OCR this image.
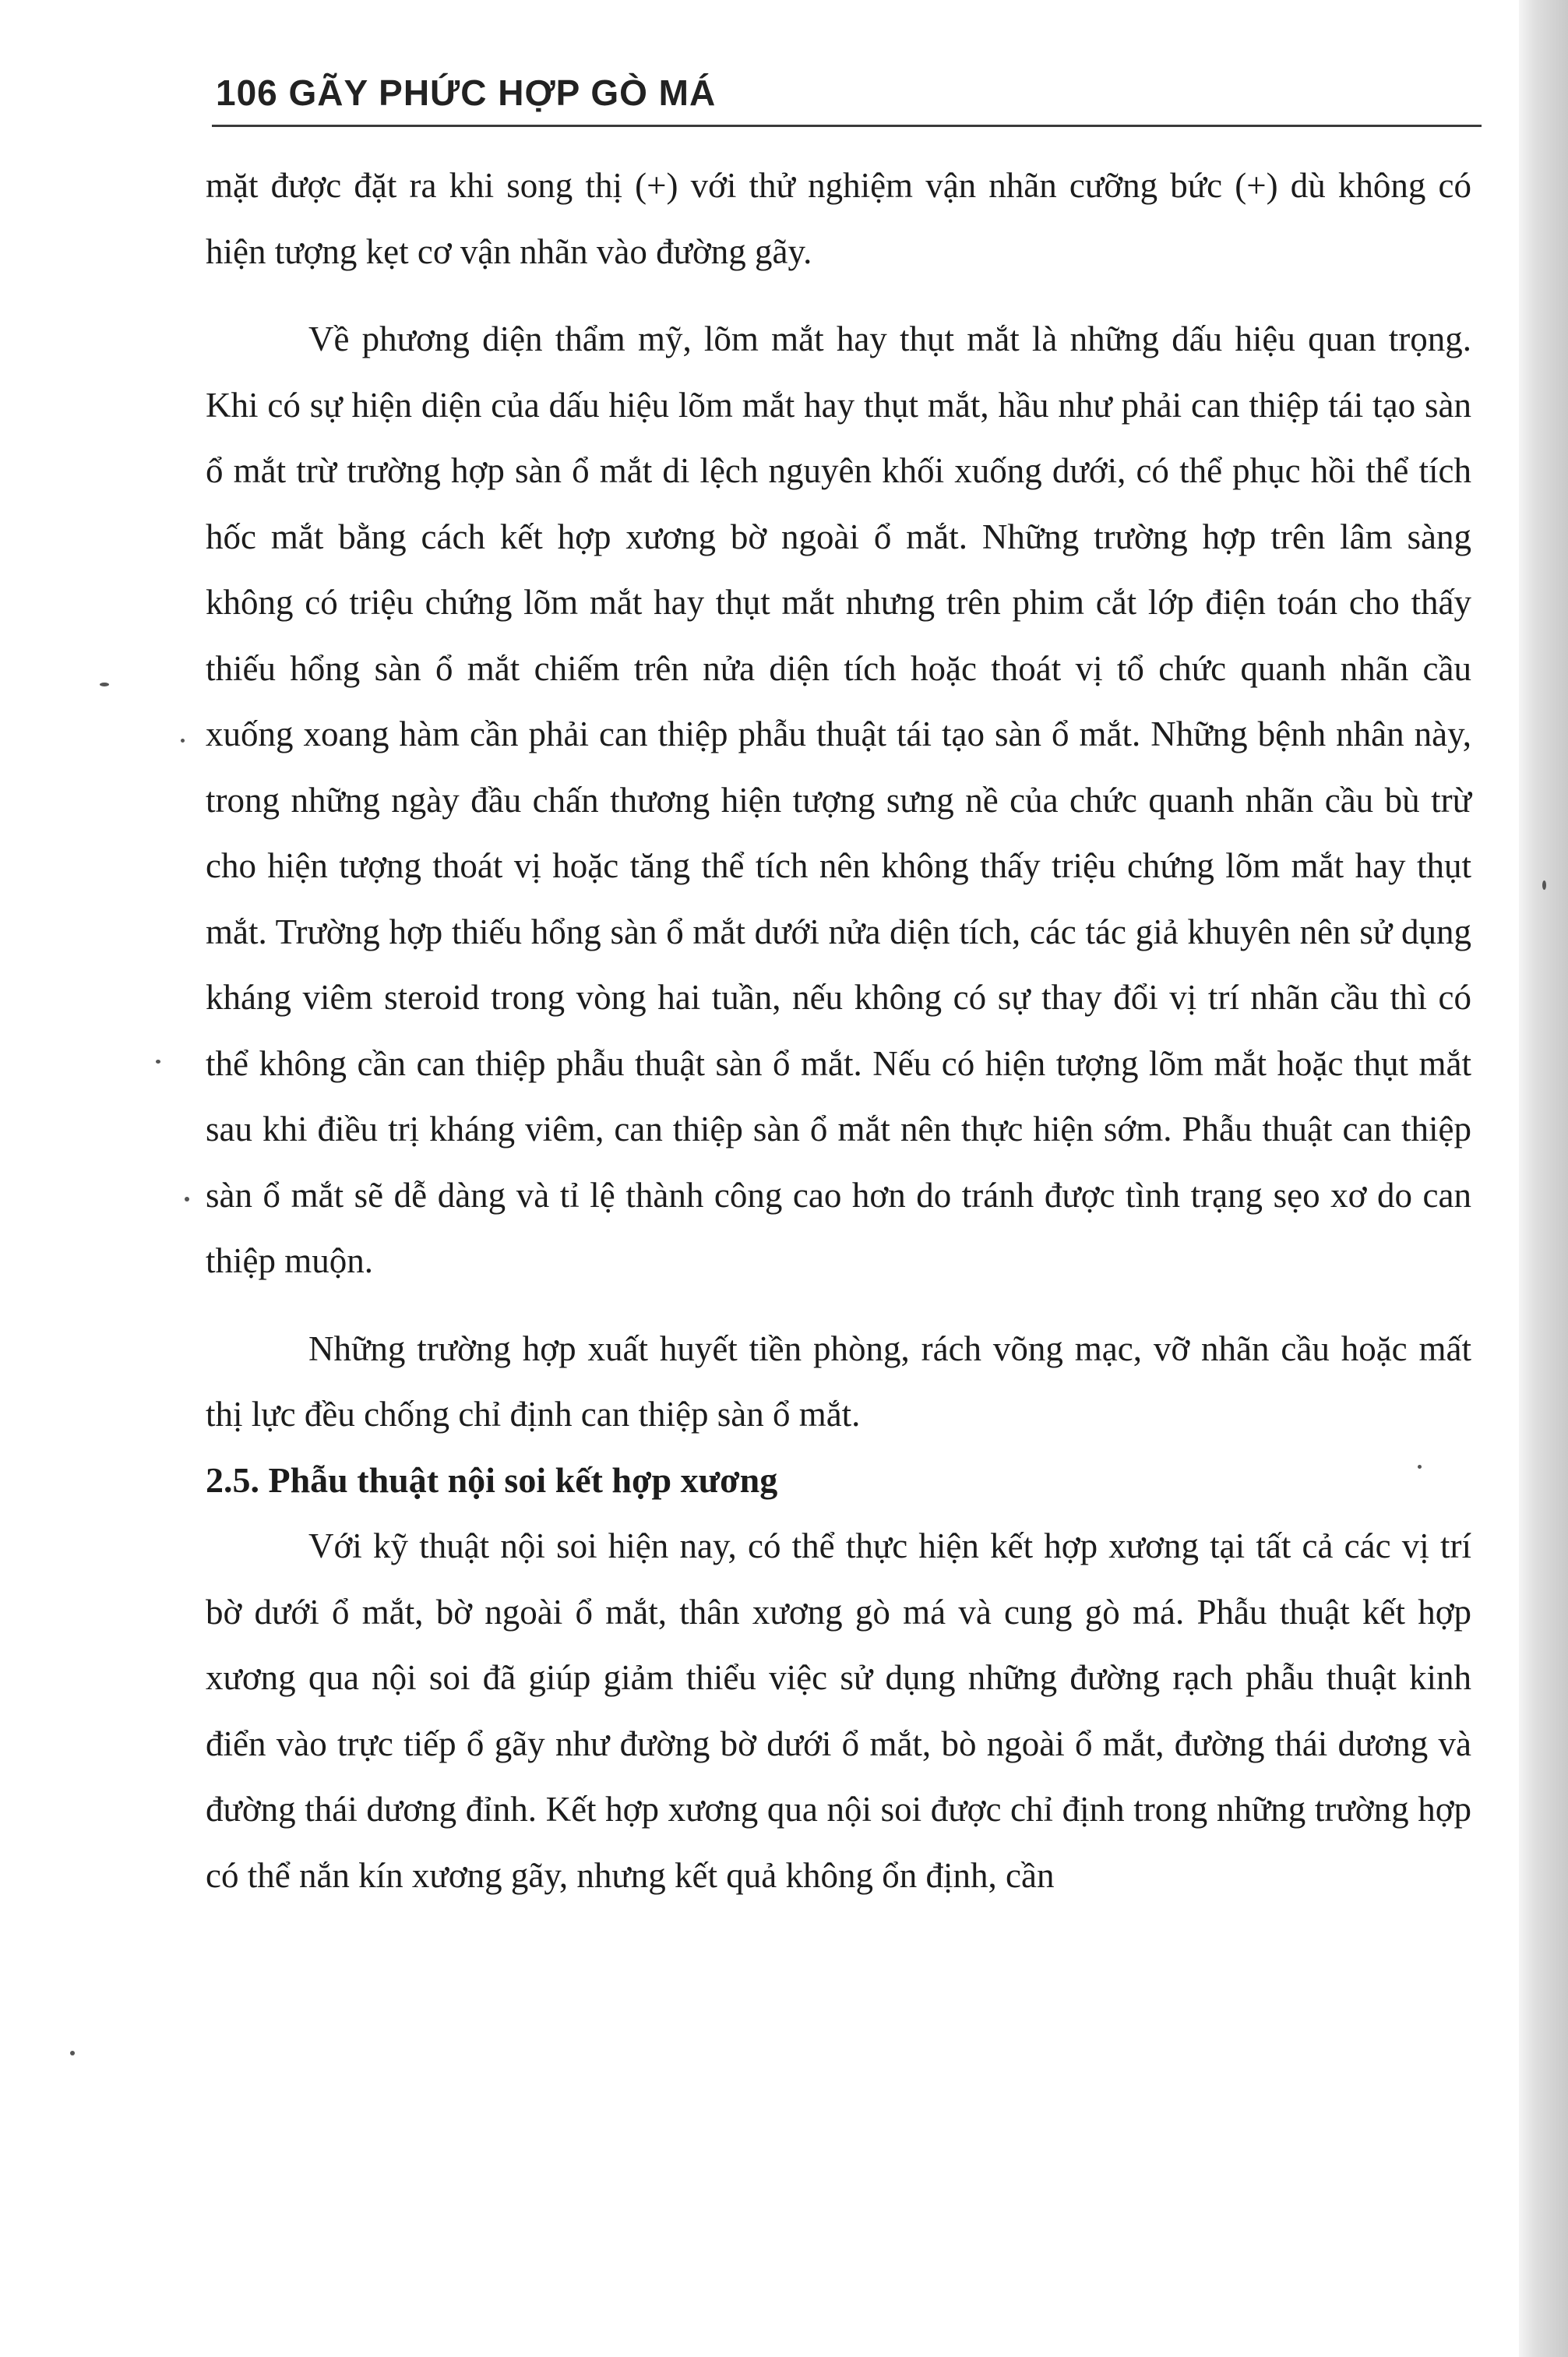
106 GÃY PHỨC HỢP GÒ MÁ

mặt được đặt ra khi song thị (+) với thử nghiệm vận nhãn cưỡng bức (+) dù không có hiện tượng kẹt cơ vận nhãn vào đường gãy.

Về phương diện thẩm mỹ, lõm mắt hay thụt mắt là những dấu hiệu quan trọng. Khi có sự hiện diện của dấu hiệu lõm mắt hay thụt mắt, hầu như phải can thiệp tái tạo sàn ổ mắt trừ trường hợp sàn ổ mắt di lệch nguyên khối xuống dưới, có thể phục hồi thể tích hốc mắt bằng cách kết hợp xương bờ ngoài ổ mắt. Những trường hợp trên lâm sàng không có triệu chứng lõm mắt hay thụt mắt nhưng trên phim cắt lớp điện toán cho thấy thiếu hổng sàn ổ mắt chiếm trên nửa diện tích hoặc thoát vị tổ chức quanh nhãn cầu xuống xoang hàm cần phải can thiệp phẫu thuật tái tạo sàn ổ mắt. Những bệnh nhân này, trong những ngày đầu chấn thương hiện tượng sưng nề của chức quanh nhãn cầu bù trừ cho hiện tượng thoát vị hoặc tăng thể tích nên không thấy triệu chứng lõm mắt hay thụt mắt. Trường hợp thiếu hổng sàn ổ mắt dưới nửa diện tích, các tác giả khuyên nên sử dụng kháng viêm steroid trong vòng hai tuần, nếu không có sự thay đổi vị trí nhãn cầu thì có thể không cần can thiệp phẫu thuật sàn ổ mắt. Nếu có hiện tượng lõm mắt hoặc thụt mắt sau khi điều trị kháng viêm, can thiệp sàn ổ mắt nên thực hiện sớm. Phẫu thuật can thiệp sàn ổ mắt sẽ dễ dàng và tỉ lệ thành công cao hơn do tránh được tình trạng sẹo xơ do can thiệp muộn.

Những trường hợp xuất huyết tiền phòng, rách võng mạc, vỡ nhãn cầu hoặc mất thị lực đều chống chỉ định can thiệp sàn ổ mắt.

2.5. Phẫu thuật nội soi kết hợp xương

Với kỹ thuật nội soi hiện nay, có thể thực hiện kết hợp xương tại tất cả các vị trí bờ dưới ổ mắt, bờ ngoài ổ mắt, thân xương gò má và cung gò má. Phẫu thuật kết hợp xương qua nội soi đã giúp giảm thiểu việc sử dụng những đường rạch phẫu thuật kinh điển vào trực tiếp ổ gãy như đường bờ dưới ổ mắt, bò ngoài ổ mắt, đường thái dương và đường thái dương đỉnh. Kết hợp xương qua nội soi được chỉ định trong những trường hợp có thể nắn kín xương gãy, nhưng kết quả không ổn định, cần
